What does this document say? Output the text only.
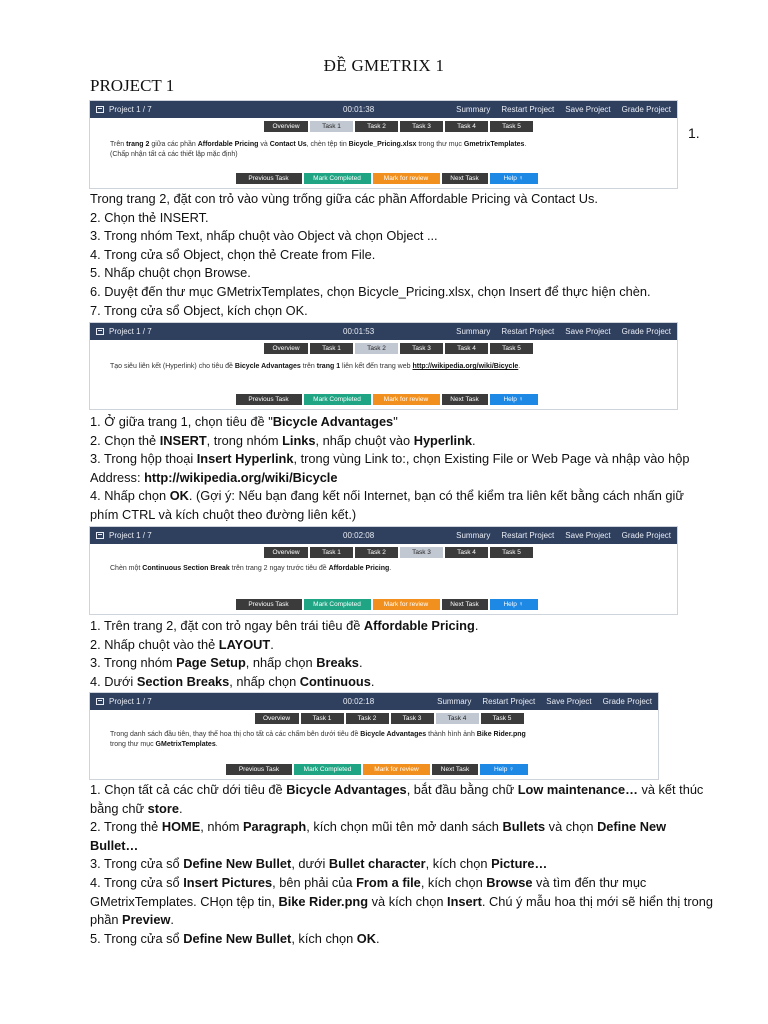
ĐỀ GMETRIX 1
PROJECT 1
1.
Project 1 / 7	00:01:38	Summary Restart Project Save Project Grade Project
Overview	Task 1	Task 2	Task 3	Task 4	Task 5
Trên trang 2 giữa các phần Affordable Pricing và Contact Us, chèn tệp tin Bicycle_Pricing.xlsx trong thư mục GmetrixTemplates.
(Chấp nhận tất cả các thiết lập mặc định)
Previous Task	Mark Completed	Mark for review	Next Task	Help ♀

Trong trang 2, đặt con trỏ vào vùng trống giữa các phần Affordable Pricing và Contact Us.

2. Chọn thẻ INSERT.

3. Trong nhóm Text, nhấp chuột vào Object và chọn Object ...

4. Trong cửa sổ Object, chọn thẻ Create from File.

5. Nhấp chuột chọn Browse.

6. Duyệt đến thư mục GMetrixTemplates, chọn Bicycle_Pricing.xlsx, chọn Insert để thực hiện chèn.

7. Trong cửa sổ Object, kích chọn OK.

Project 1 / 7	00:01:53	Summary Restart Project Save Project Grade Project
Overview	Task 1	Task 2	Task 3	Task 4	Task 5
Tạo siêu liên kết (Hyperlink) cho tiêu đề Bicycle Advantages trên trang 1 liên kết đến trang web http://wikipedia.org/wiki/Bicycle.
Previous Task	Mark Completed	Mark for review	Next Task	Help ♀

1. Ở giữa trang 1, chọn tiêu đề "Bicycle Advantages"

2. Chọn thẻ INSERT, trong nhóm Links, nhấp chuột vào Hyperlink.

3. Trong hộp thoại Insert Hyperlink, trong vùng Link to:, chọn Existing File or Web Page và nhập vào hộp Address: http://wikipedia.org/wiki/Bicycle

4. Nhấp chọn OK. (Gợi ý: Nếu bạn đang kết nối Internet, bạn có thể kiểm tra liên kết bằng cách nhấn giữ phím CTRL và kích chuột theo đường liên kết.)

Project 1 / 7	00:02:08	Summary Restart Project Save Project Grade Project
Overview	Task 1	Task 2	Task 3	Task 4	Task 5
Chèn một Continuous Section Break trên trang 2 ngay trước tiêu đề Affordable Pricing.
Previous Task	Mark Completed	Mark for review	Next Task	Help ♀

1. Trên trang 2, đặt con trỏ ngay bên trái tiêu đề Affordable Pricing.

2. Nhấp chuột vào thẻ LAYOUT.

3. Trong nhóm Page Setup, nhấp chọn Breaks.

4. Dưới Section Breaks, nhấp chọn Continuous.

Project 1 / 7	00:02:18	Summary Restart Project Save Project Grade Project
Overview	Task 1	Task 2	Task 3	Task 4	Task 5
Trong danh sách đầu tiên, thay thế hoa thị cho tất cả các chấm bên dưới tiêu đề Bicycle Advantages thành hình ảnh Bike Rider.png
trong thư mục GMetrixTemplates.
Previous Task	Mark Completed	Mark for review	Next Task	Help ♀

1. Chọn tất cả các chữ dới tiêu đề Bicycle Advantages, bắt đầu bằng chữ Low maintenance… và kết thúc bằng chữ store.

2. Trong thẻ HOME, nhóm Paragraph, kích chọn mũi tên mở danh sách Bullets và chọn Define New Bullet…

3. Trong cửa sổ Define New Bullet, dưới Bullet character, kích chọn Picture…

4. Trong cửa sổ Insert Pictures, bên phải của From a file, kích chọn Browse và tìm đến thư mục GMetrixTemplates. CHọn tệp tin, Bike Rider.png và kích chọn Insert. Chú ý mẫu hoa thị mới sẽ hiển thị trong phần Preview.

5. Trong cửa sổ Define New Bullet, kích chọn OK.
